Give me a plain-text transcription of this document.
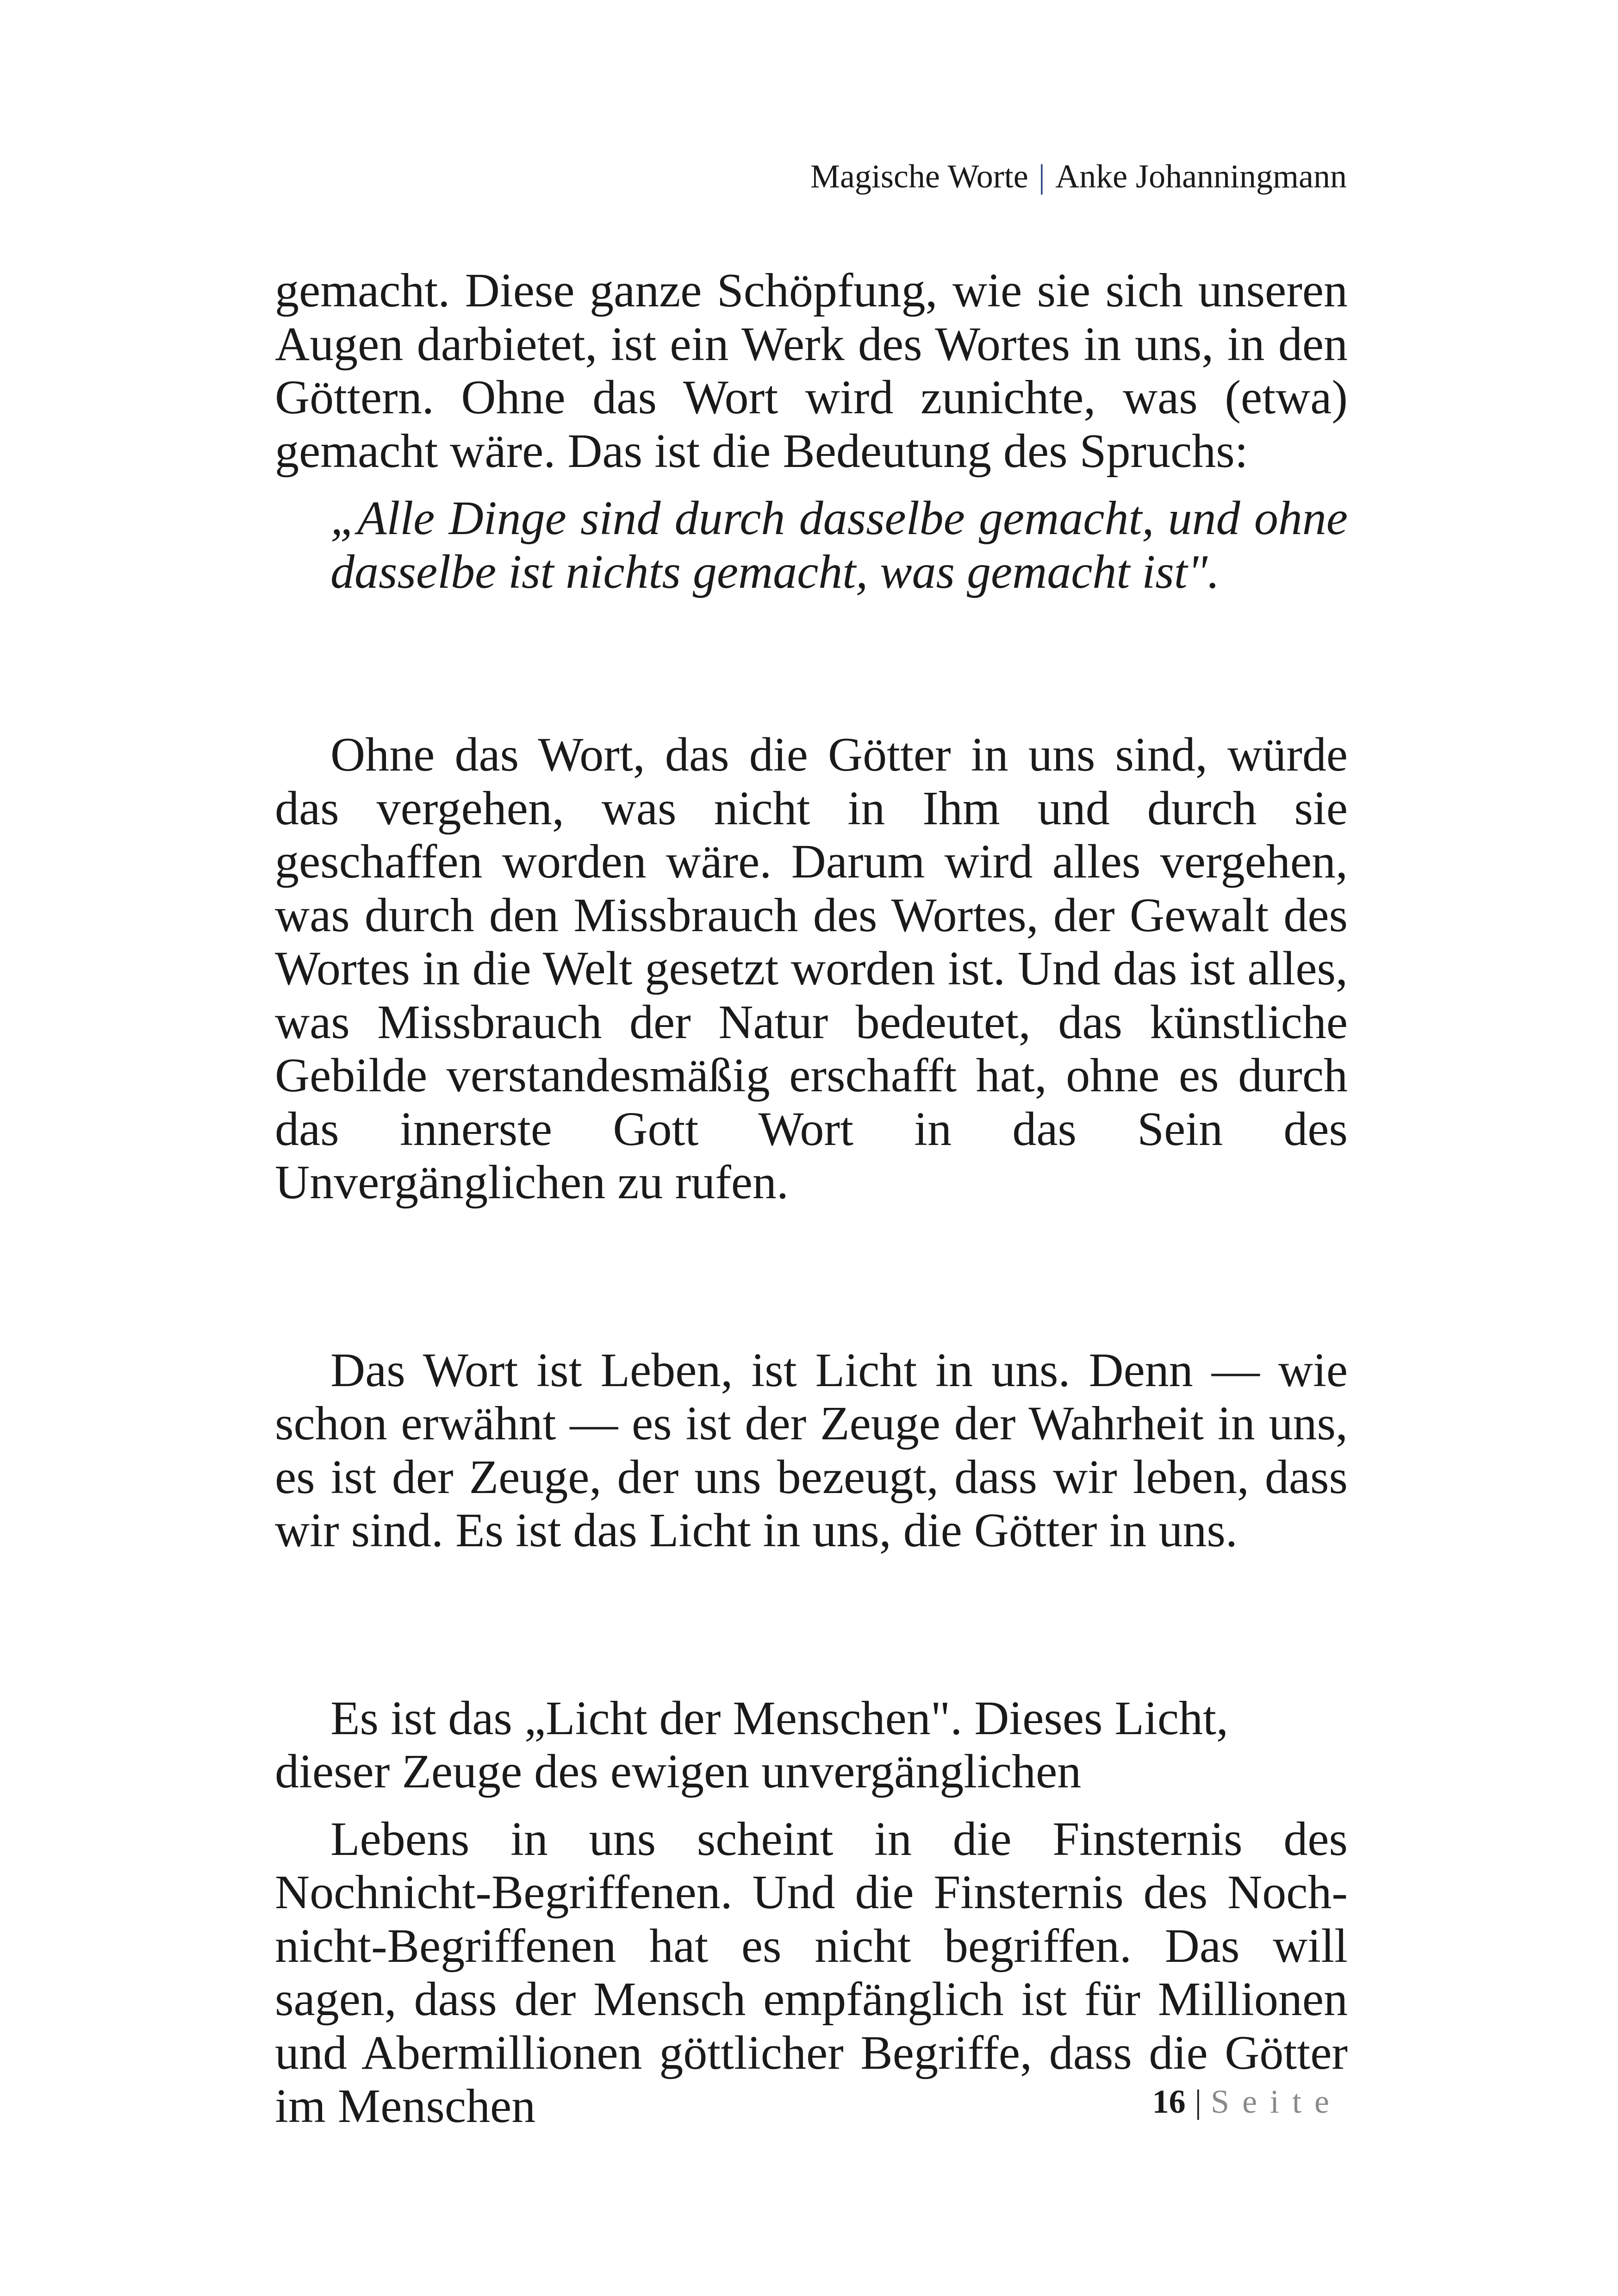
Magische Worte | Anke Johanningmann

gemacht. Diese ganze Schöpfung, wie sie sich unseren Augen darbietet, ist ein Werk des Wortes in uns, in den Göttern. Ohne das Wort wird zunichte, was (etwa) gemacht wäre. Das ist die Bedeutung des Spruchs:

„Alle Dinge sind durch dasselbe gemacht, und ohne dasselbe ist nichts gemacht, was gemacht ist".

Ohne das Wort, das die Götter in uns sind, würde das vergehen, was nicht in Ihm und durch sie geschaffen worden wäre. Darum wird alles vergehen, was durch den Missbrauch des Wortes, der Gewalt des Wortes in die Welt gesetzt worden ist. Und das ist alles, was Missbrauch der Natur bedeutet, das künstliche Gebilde verstandesmäßig erschafft hat, ohne es durch das innerste Gott Wort in das Sein des Unvergänglichen zu rufen.

Das Wort ist Leben, ist Licht in uns. Denn — wie schon erwähnt — es ist der Zeuge der Wahrheit in uns, es ist der Zeuge, der uns bezeugt, dass wir leben, dass wir sind. Es ist das Licht in uns, die Götter in uns.

Es ist das „Licht der Menschen". Dieses Licht, dieser Zeuge des ewigen unvergänglichen

Lebens in uns scheint in die Finsternis des Nochnicht-Begriffenen. Und die Finsternis des Noch-nicht-Begriffenen hat es nicht begriffen. Das will sagen, dass der Mensch empfänglich ist für Millionen und Abermillionen göttlicher Begriffe, dass die Götter im Menschen	16 | Seite
